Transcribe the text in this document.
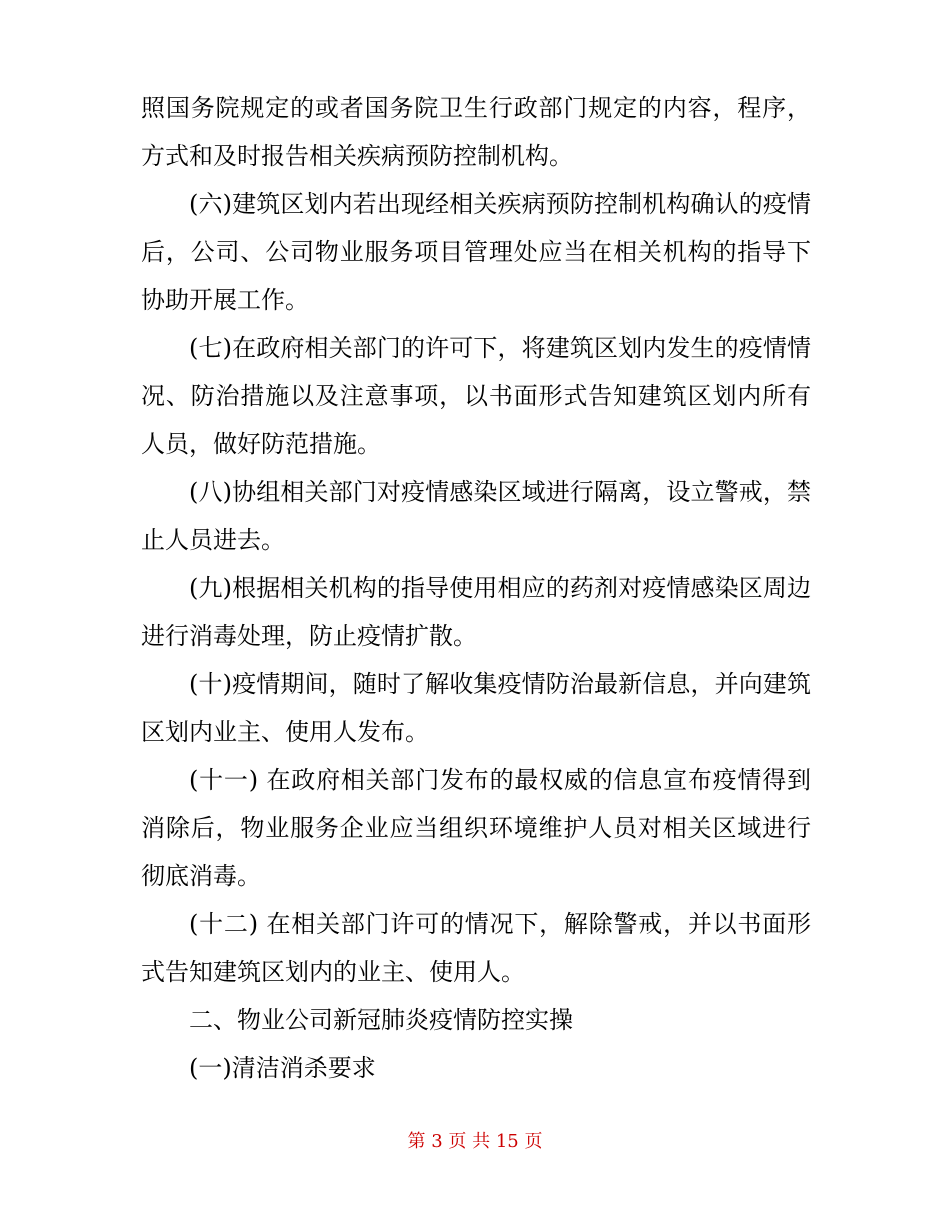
照国务院规定的或者国务院卫生行政部门规定的内容，程序，方式和及时报告相关疾病预防控制机构。

(六)建筑区划内若出现经相关疾病预防控制机构确认的疫情后，公司、公司物业服务项目管理处应当在相关机构的指导下协助开展工作。

(七)在政府相关部门的许可下，将建筑区划内发生的疫情情况、防治措施以及注意事项，以书面形式告知建筑区划内所有人员，做好防范措施。

(八)协组相关部门对疫情感染区域进行隔离，设立警戒，禁止人员进去。

(九)根据相关机构的指导使用相应的药剂对疫情感染区周边进行消毒处理，防止疫情扩散。

(十)疫情期间，随时了解收集疫情防治最新信息，并向建筑区划内业主、使用人发布。

(十一) 在政府相关部门发布的最权威的信息宣布疫情得到消除后，物业服务企业应当组织环境维护人员对相关区域进行彻底消毒。

(十二) 在相关部门许可的情况下，解除警戒，并以书面形式告知建筑区划内的业主、使用人。

二、物业公司新冠肺炎疫情防控实操

(一)清洁消杀要求

第 3 页 共 15 页
